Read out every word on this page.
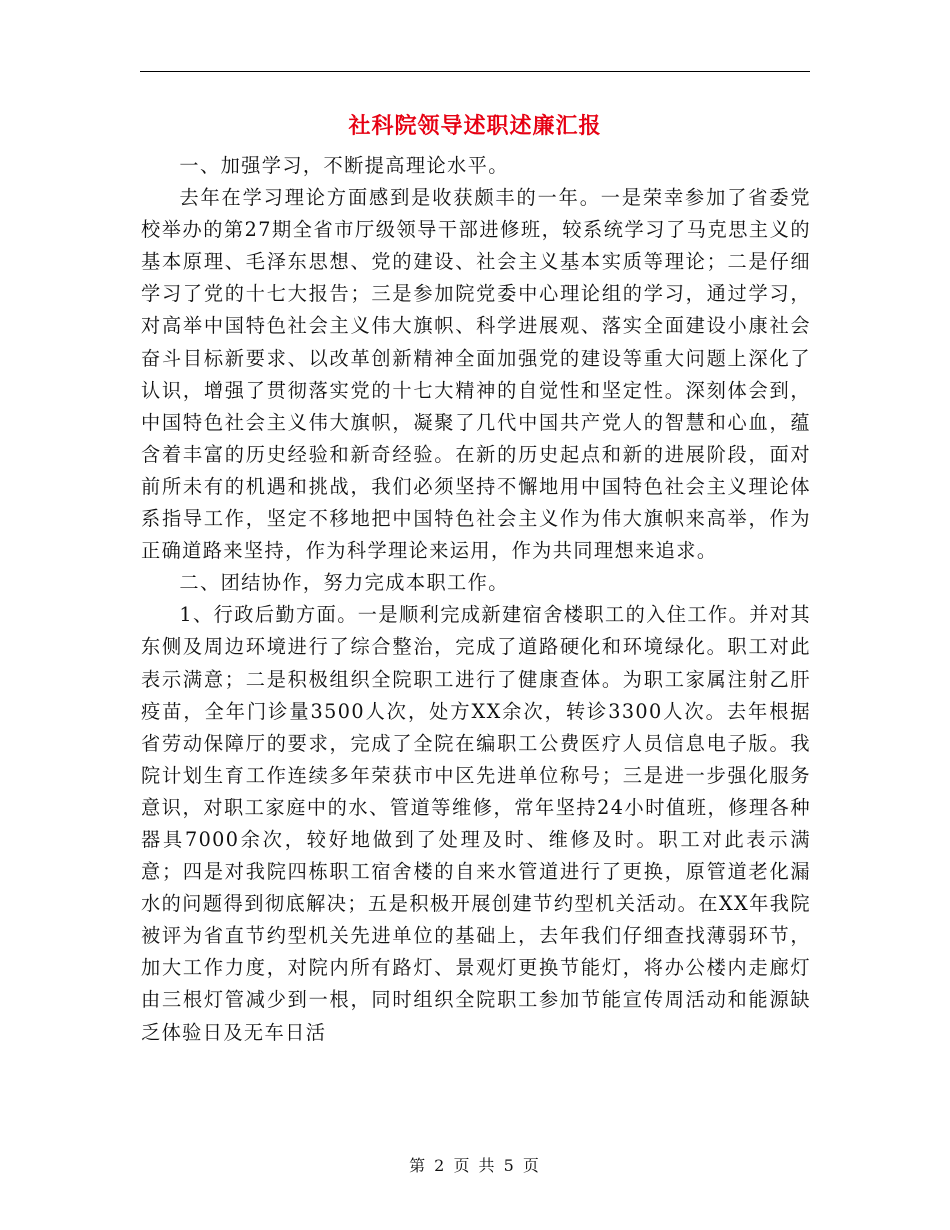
社科院领导述职述廉汇报

一、加强学习，不断提高理论水平。

去年在学习理论方面感到是收获颇丰的一年。一是荣幸参加了省委党校举办的第27期全省市厅级领导干部进修班，较系统学习了马克思主义的基本原理、毛泽东思想、党的建设、社会主义基本实质等理论；二是仔细学习了党的十七大报告；三是参加院党委中心理论组的学习，通过学习，对高举中国特色社会主义伟大旗帜、科学进展观、落实全面建设小康社会奋斗目标新要求、以改革创新精神全面加强党的建设等重大问题上深化了认识，增强了贯彻落实党的十七大精神的自觉性和坚定性。深刻体会到，中国特色社会主义伟大旗帜，凝聚了几代中国共产党人的智慧和心血，蕴含着丰富的历史经验和新奇经验。在新的历史起点和新的进展阶段，面对前所未有的机遇和挑战，我们必须坚持不懈地用中国特色社会主义理论体系指导工作，坚定不移地把中国特色社会主义作为伟大旗帜来高举，作为正确道路来坚持，作为科学理论来运用，作为共同理想来追求。

二、团结协作，努力完成本职工作。

1、行政后勤方面。一是顺利完成新建宿舍楼职工的入住工作。并对其东侧及周边环境进行了综合整治，完成了道路硬化和环境绿化。职工对此表示满意；二是积极组织全院职工进行了健康查体。为职工家属注射乙肝疫苗，全年门诊量3500人次，处方XX余次，转诊3300人次。去年根据省劳动保障厅的要求，完成了全院在编职工公费医疗人员信息电子版。我院计划生育工作连续多年荣获市中区先进单位称号；三是进一步强化服务意识，对职工家庭中的水、管道等维修，常年坚持24小时值班，修理各种器具7000余次，较好地做到了处理及时、维修及时。职工对此表示满意；四是对我院四栋职工宿舍楼的自来水管道进行了更换，原管道老化漏水的问题得到彻底解决；五是积极开展创建节约型机关活动。在XX年我院被评为省直节约型机关先进单位的基础上，去年我们仔细查找薄弱环节，加大工作力度，对院内所有路灯、景观灯更换节能灯，将办公楼内走廊灯由三根灯管减少到一根，同时组织全院职工参加节能宣传周活动和能源缺乏体验日及无车日活

第 2 页 共 5 页
